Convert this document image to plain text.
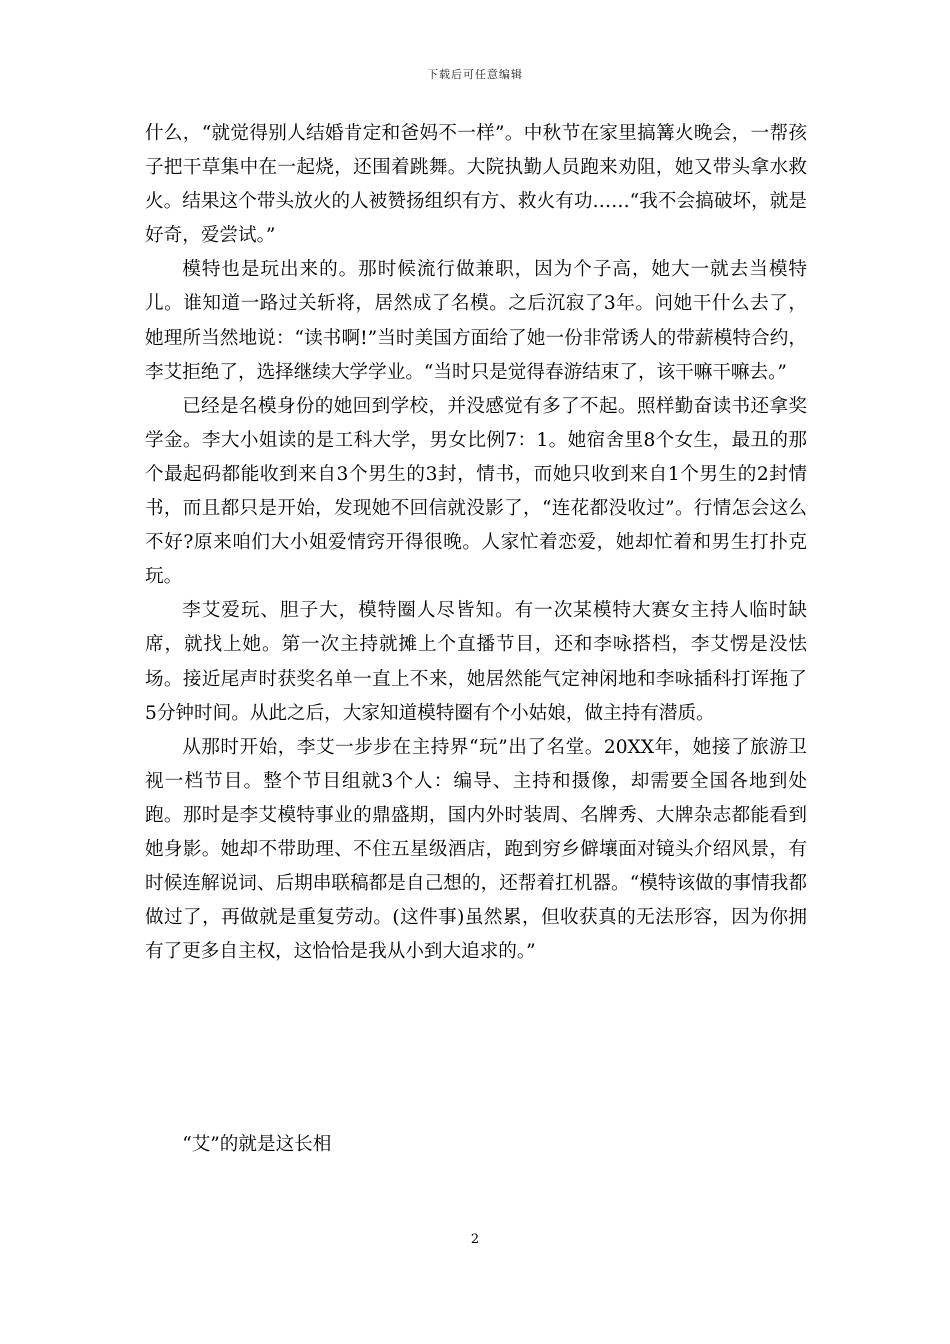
下载后可任意编辑

什么，“就觉得别人结婚肯定和爸妈不一样”。中秋节在家里搞篝火晚会，一帮孩子把干草集中在一起烧，还围着跳舞。大院执勤人员跑来劝阻，她又带头拿水救火。结果这个带头放火的人被赞扬组织有方、救火有功……“我不会搞破坏，就是好奇，爱尝试。”

模特也是玩出来的。那时候流行做兼职，因为个子高，她大一就去当模特儿。谁知道一路过关斩将，居然成了名模。之后沉寂了3年。问她干什么去了，她理所当然地说：“读书啊!”当时美国方面给了她一份非常诱人的带薪模特合约，李艾拒绝了，选择继续大学学业。“当时只是觉得春游结束了，该干嘛干嘛去。”

已经是名模身份的她回到学校，并没感觉有多了不起。照样勤奋读书还拿奖学金。李大小姐读的是工科大学，男女比例7：1。她宿舍里8个女生，最丑的那个最起码都能收到来自3个男生的3封，情书，而她只收到来自1个男生的2封情书，而且都只是开始，发现她不回信就没影了，“连花都没收过”。行情怎会这么不好?原来咱们大小姐爱情窍开得很晚。人家忙着恋爱，她却忙着和男生打扑克玩。

李艾爱玩、胆子大，模特圈人尽皆知。有一次某模特大赛女主持人临时缺席，就找上她。第一次主持就摊上个直播节目，还和李咏搭档，李艾愣是没怯场。接近尾声时获奖名单一直上不来，她居然能气定神闲地和李咏插科打诨拖了5分钟时间。从此之后，大家知道模特圈有个小姑娘，做主持有潜质。

从那时开始，李艾一步步在主持界“玩”出了名堂。20XX年，她接了旅游卫视一档节目。整个节目组就3个人：编导、主持和摄像，却需要全国各地到处跑。那时是李艾模特事业的鼎盛期，国内外时装周、名牌秀、大牌杂志都能看到她身影。她却不带助理、不住五星级酒店，跑到穷乡僻壤面对镜头介绍风景，有时候连解说词、后期串联稿都是自己想的，还帮着扛机器。“模特该做的事情我都做过了，再做就是重复劳动。(这件事)虽然累，但收获真的无法形容，因为你拥有了更多自主权，这恰恰是我从小到大追求的。”

“艾”的就是这长相
2
